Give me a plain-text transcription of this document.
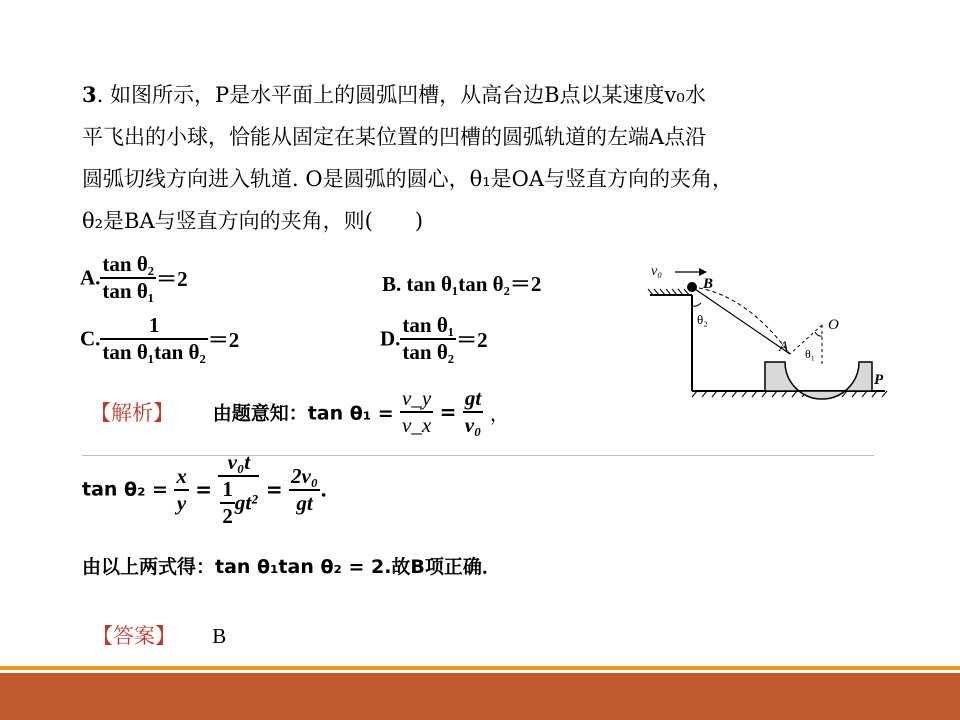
3. 如图所示，P是水平面上的圆弧凹槽，从高台边B点以某速度v₀水
平飞出的小球，恰能从固定在某位置的凹槽的圆弧轨道的左端A点沿
圆弧切线方向进入轨道. O是圆弧的圆心，θ₁是OA与竖直方向的夹角，
θ₂是BA与竖直方向的夹角，则(　　)
A. $\frac{\text{tan θ₂}}{\text{tan θ₁}} =2$	B. tan θ₁tan θ₂＝2
C. $\frac{1}{\text{tan θ₁tan θ₂}} =2$	D. $\frac{\text{tan θ₁}}{\text{tan θ₂}} =2$
v₀
B
θ₂	O
A θ₁
P
【解析】 由题意知：$\tan \theta_1 = \frac{v\_y}{v\_x} = \frac{gt}{\text{v₀}}$ ，
$\tan \theta_2 = \frac{x}{y} = \frac{\text{v₀t}}{\frac{1}{2} gt^2} = \frac{\text{2v₀}}{gt}$ .
由以上两式得：tan θ₁tan θ₂ = 2.故B项正确．
【答案】 B
